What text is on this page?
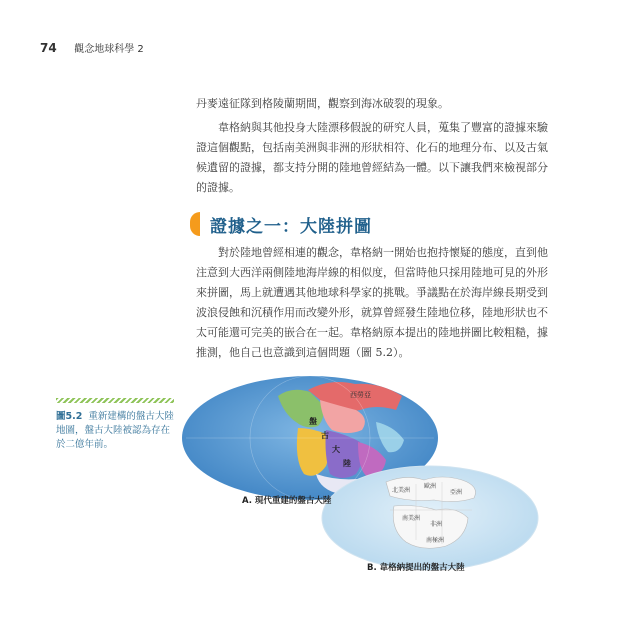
74 觀念地球科學 2
丹麥遠征隊到格陵蘭期間，觀察到海冰破裂的現象。
韋格納與其他投身大陸漂移假說的研究人員，蒐集了豐富的證據來驗證這個觀點，包括南美洲與非洲的形狀相符、化石的地理分布、以及古氣候遺留的證據，都支持分開的陸地曾經結為一體。以下讓我們來檢視部分的證據。
證據之一：大陸拼圖
對於陸地曾經相連的觀念，韋格納一開始也抱持懷疑的態度，直到他注意到大西洋兩側陸地海岸線的相似度，但當時他只採用陸地可見的外形來拼圖，馬上就遭遇其他地球科學家的挑戰。爭議點在於海岸線長期受到波浪侵蝕和沉積作用而改變外形，就算曾經發生陸地位移，陸地形狀也不太可能還可完美的嵌合在一起。韋格納原本提出的陸地拼圖比較粗糙，據推測，他自己也意識到這個問題（圖 5.2）。
圖5.2 重新建構的盤古大陸地圖，盤古大陸被認為存在於二億年前。
西勞亞
盤
古
大
陸
北美洲
歐洲
亞洲
南美洲
非洲
南極洲
A. 現代重建的盤古大陸
B. 韋格納提出的盤古大陸
